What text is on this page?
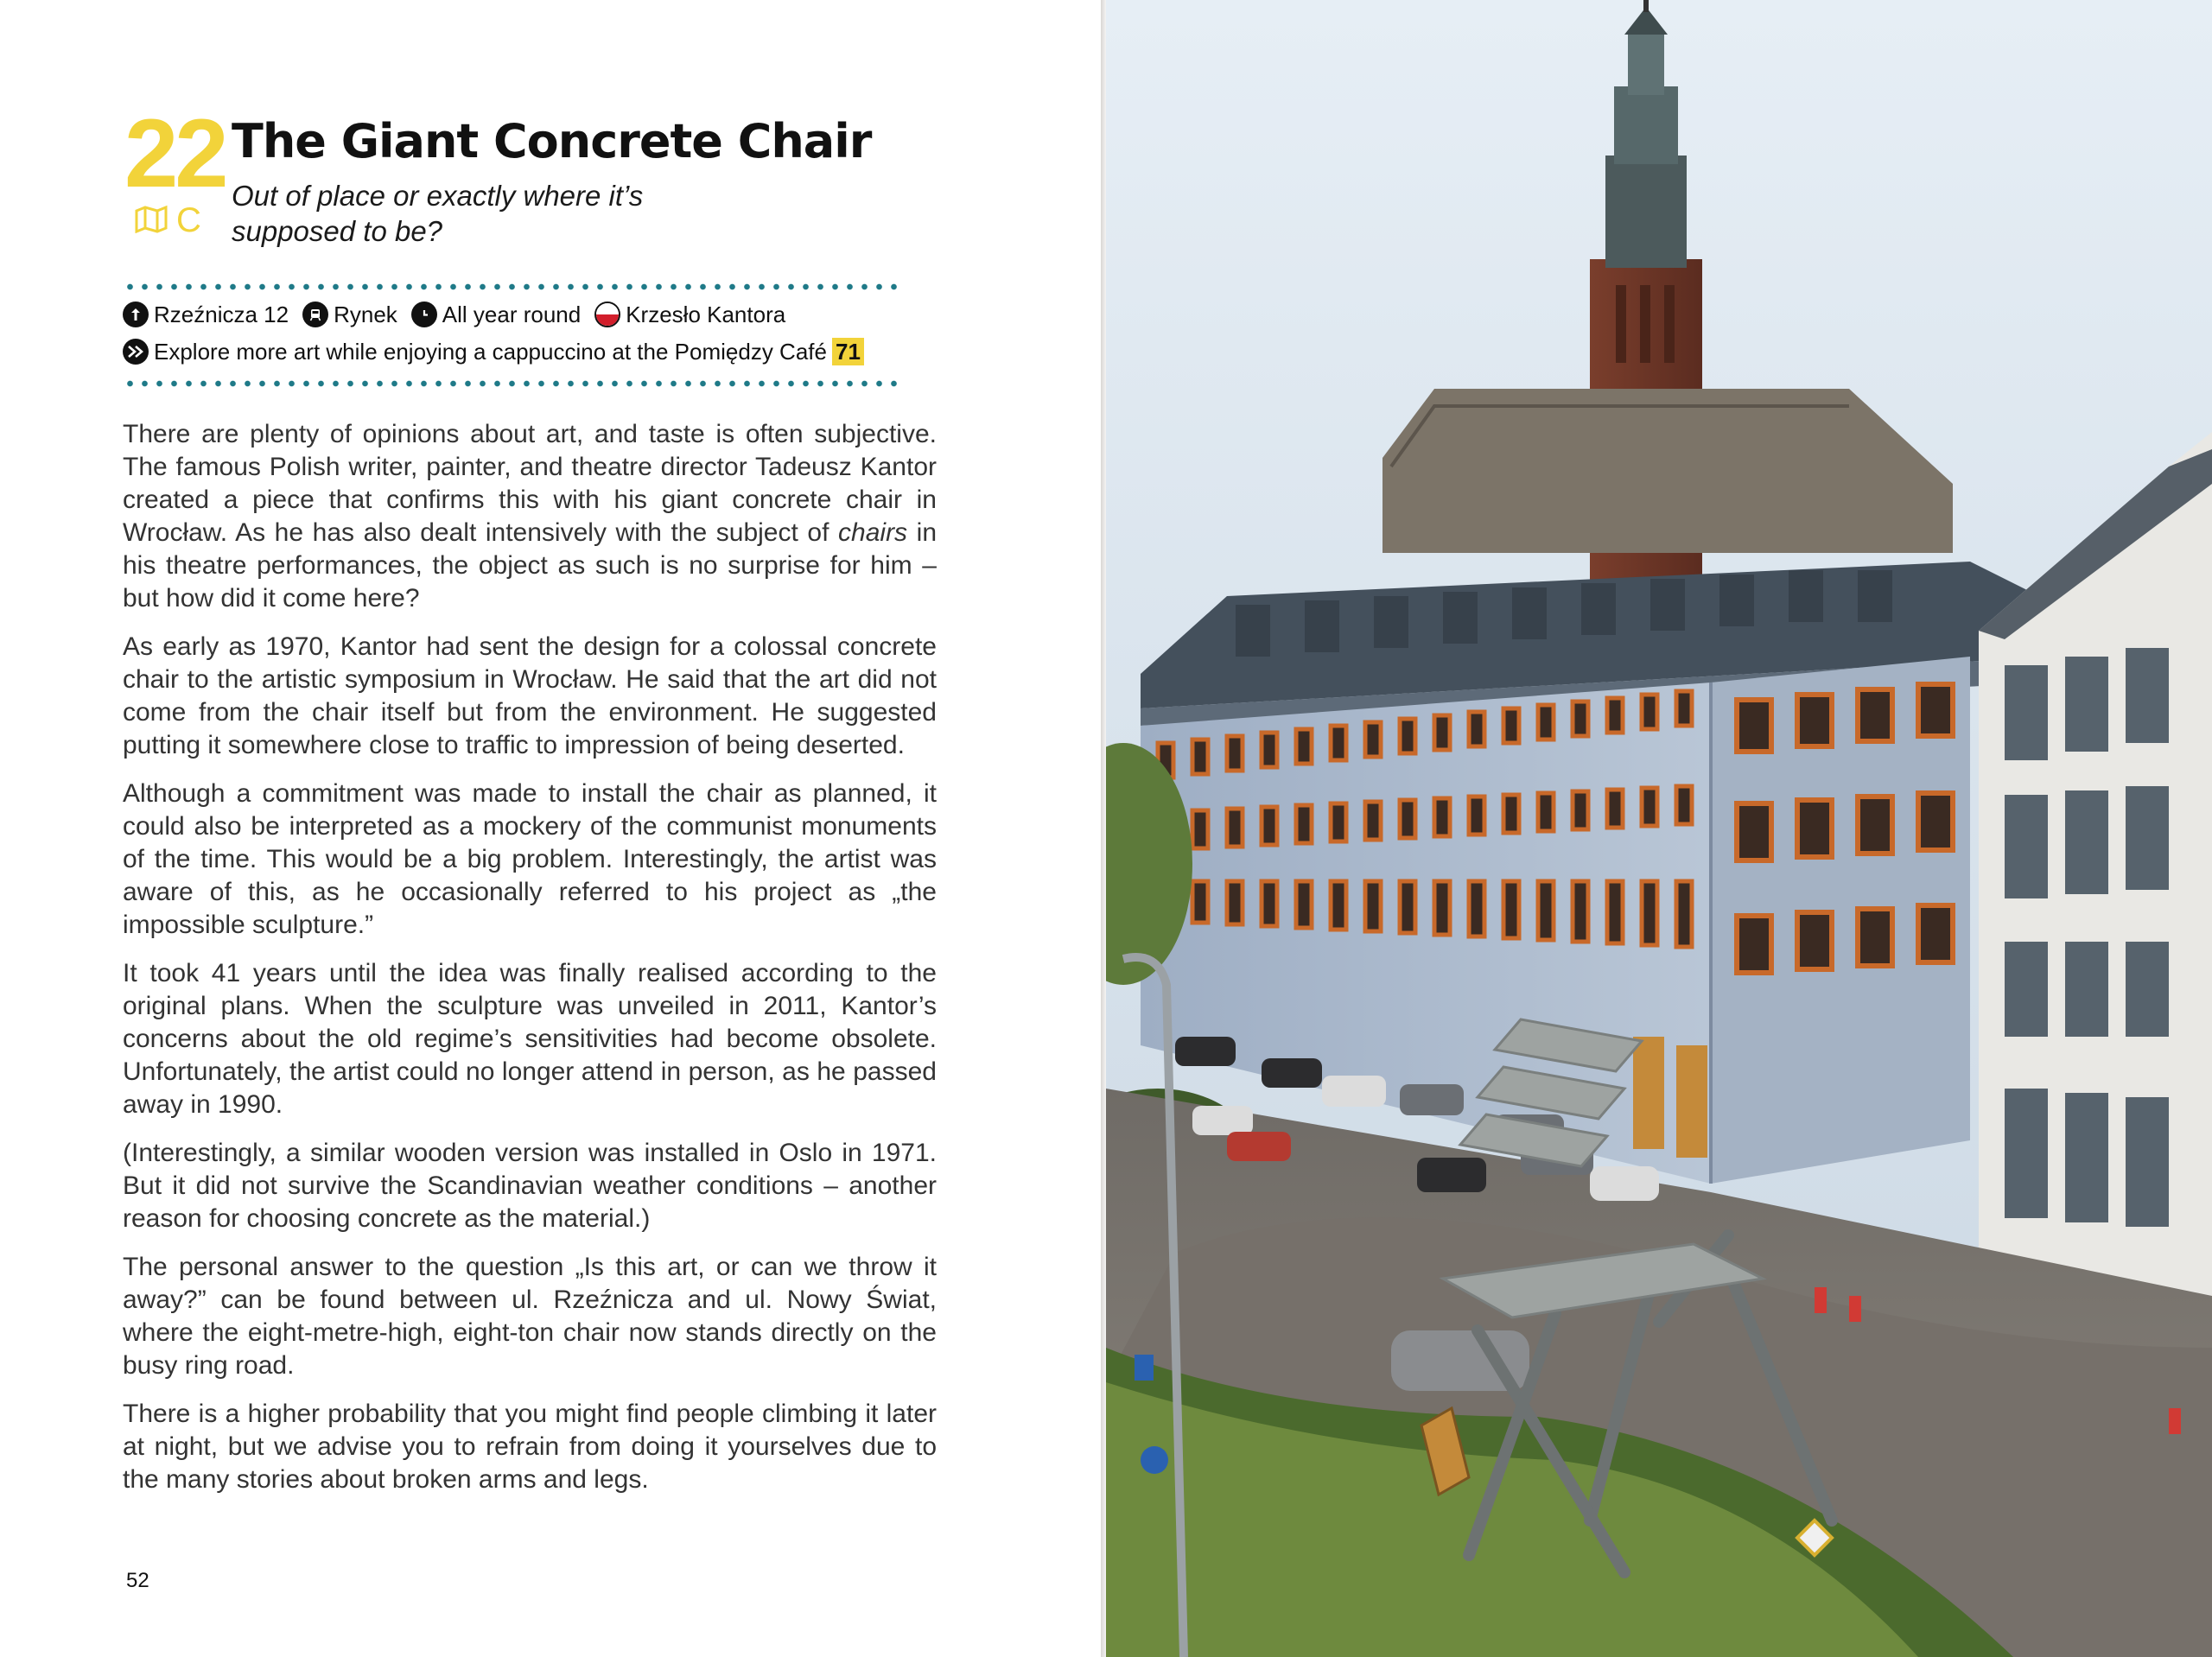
22
C
The Giant Concrete Chair
Out of place or exactly where it’s supposed to be?
Rzeźnicza 12 Rynek All year round Krzesło Kantora
Explore more art while enjoying a cappuccino at the Pomiędzy Café 71

There are plenty of opinions about art, and taste is often subjective. The famous Polish writer, painter, and theatre director Tadeusz Kantor created a piece that confirms this with his giant concrete chair in Wrocław. As he has also dealt intensively with the subject of chairs in his theatre performances, the object as such is no surprise for him – but how did it come here?

As early as 1970, Kantor had sent the design for a colossal concrete chair to the artistic symposium in Wrocław. He said that the art did not come from the chair itself but from the environment. He suggested putting it somewhere close to traffic to impression of being deserted.

Although a commitment was made to install the chair as planned, it could also be interpreted as a mockery of the communist monuments of the time. This would be a big problem. Interestingly, the artist was aware of this, as he occasionally referred to his project as „the impossible sculpture.”

It took 41 years until the idea was finally realised according to the original plans. When the sculpture was unveiled in 2011, Kantor’s concerns about the old regime’s sensitivities had become obsolete. Unfortunately, the artist could no longer attend in person, as he passed away in 1990.

(Interestingly, a similar wooden version was installed in Oslo in 1971. But it did not survive the Scandinavian weather conditions – another reason for choosing concrete as the material.)

The personal answer to the question „Is this art, or can we throw it away?” can be found between ul. Rzeźnicza and ul. Nowy Świat, where the eight-metre-high, eight-ton chair now stands directly on the busy ring road.

There is a higher probability that you might find people climbing it later at night, but we advise you to refrain from doing it yourselves due to the many stories about broken arms and legs.

52
